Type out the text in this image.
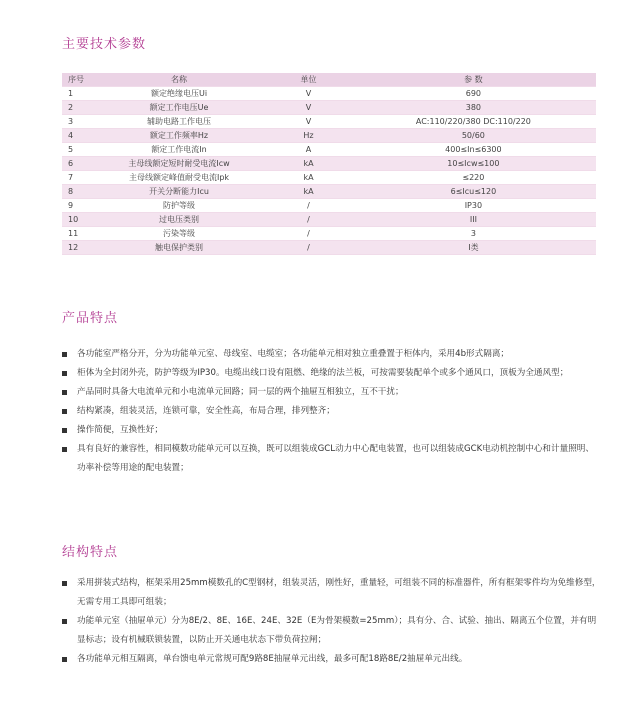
主要技术参数
序号	名称	单位	参 数
1	额定绝缘电压Ui	V	690
2	额定工作电压Ue	V	380
3	辅助电路工作电压	V	AC:110/220/380 DC:110/220
4	额定工作频率Hz	Hz	50/60
5	额定工作电流In	A	400≤In≤6300
6	主母线额定短时耐受电流Icw	kA	10≤Icw≤100
7	主母线额定峰值耐受电流Ipk	kA	≤220
8	开关分断能力Icu	kA	6≤Icu≤120
9	防护等级	/	IP30
10	过电压类别	/	III
11	污染等级	/	3
12	触电保护类别	/	I类
产品特点
各功能室严格分开，分为功能单元室、母线室、电缆室；各功能单元相对独立重叠置于柜体内，采用4b形式隔离；
柜体为全封闭外壳，防护等级为IP30。电缆出线口设有阻燃、绝缘的法兰板，可按需要装配单个或多个通风口，顶板为全通风型；
产品同时具备大电流单元和小电流单元回路；同一层的两个抽屉互相独立，互不干扰；
结构紧凑，组装灵活，连锁可靠，安全性高，布局合理，排列整齐；
操作简便，互换性好；
具有良好的兼容性，相同模数功能单元可以互换，既可以组装成GCL动力中心配电装置，也可以组装成GCK电动机控制中心和计量照明、功率补偿等用途的配电装置；
结构特点
采用拼装式结构，框架采用25mm模数孔的C型钢材，组装灵活，刚性好，重量轻，可组装不同的标准器件，所有框架零件均为免维修型，无需专用工具即可组装；
功能单元室（抽屉单元）分为8E/2、8E、16E、24E、32E（E为骨架模数=25mm）；具有分、合、试验、抽出、隔离五个位置，并有明显标志；设有机械联锁装置，以防止开关通电状态下带负荷拉闸；
各功能单元相互隔离，单台馈电单元常规可配9路8E抽屉单元出线，最多可配18路8E/2抽屉单元出线。
